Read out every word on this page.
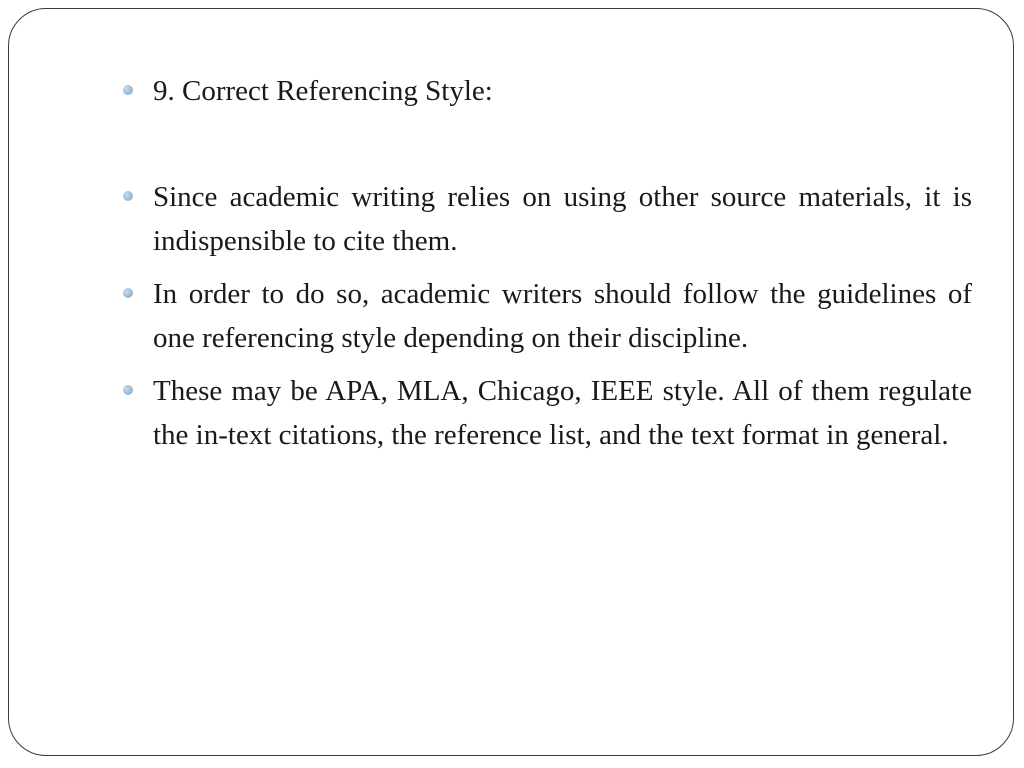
9. Correct Referencing Style:
Since academic writing relies on using other source materials, it is indispensible to cite them.
In order to do so, academic writers should follow the guidelines of one referencing style depending on their discipline.
These may be APA, MLA, Chicago, IEEE style. All of them regulate the in-text citations, the reference list, and the text format in general.
